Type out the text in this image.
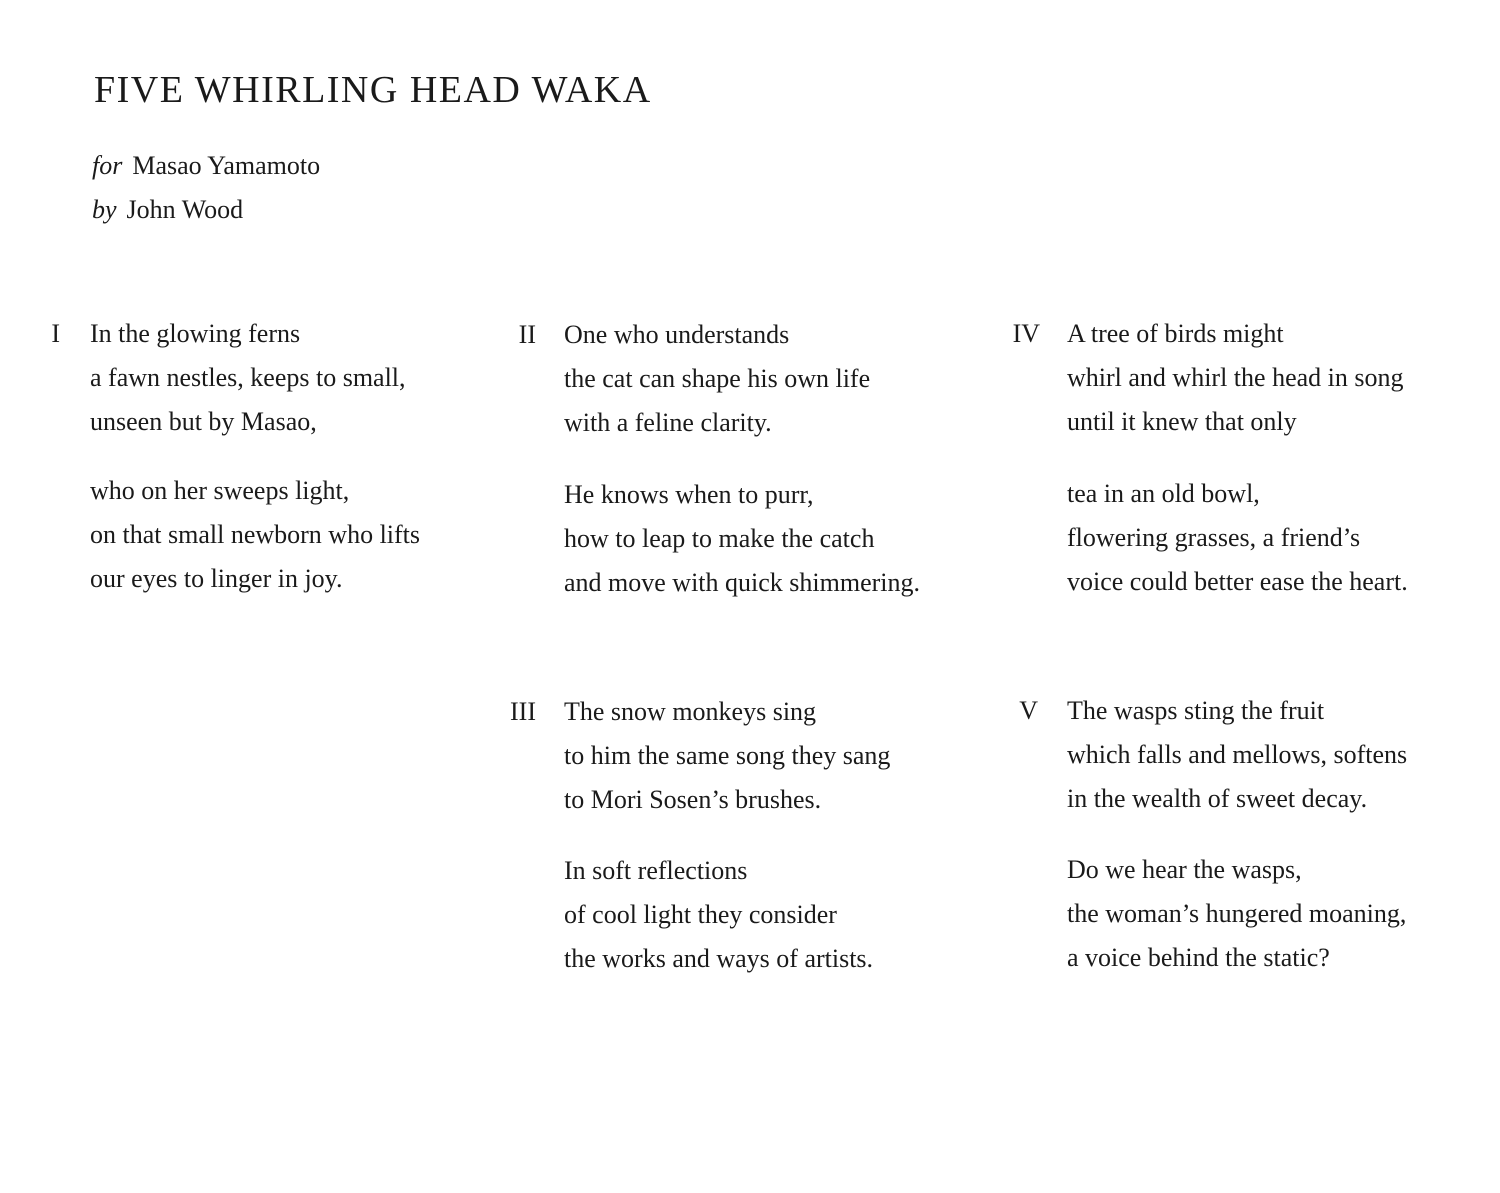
FIVE WHIRLING HEAD WAKA
for Masao Yamamoto
by John Wood
I In the glowing ferns
a fawn nestles, keeps to small,
unseen but by Masao,
who on her sweeps light,
on that small newborn who lifts
our eyes to linger in joy.
II One who understands
the cat can shape his own life
with a feline clarity.
He knows when to purr,
how to leap to make the catch
and move with quick shimmering.
III The snow monkeys sing
to him the same song they sang
to Mori Sosen’s brushes.
In soft reflections
of cool light they consider
the works and ways of artists.
IV A tree of birds might
whirl and whirl the head in song
until it knew that only
tea in an old bowl,
flowering grasses, a friend’s
voice could better ease the heart.
V The wasps sting the fruit
which falls and mellows, softens
in the wealth of sweet decay.
Do we hear the wasps,
the woman’s hungered moaning,
a voice behind the static?
